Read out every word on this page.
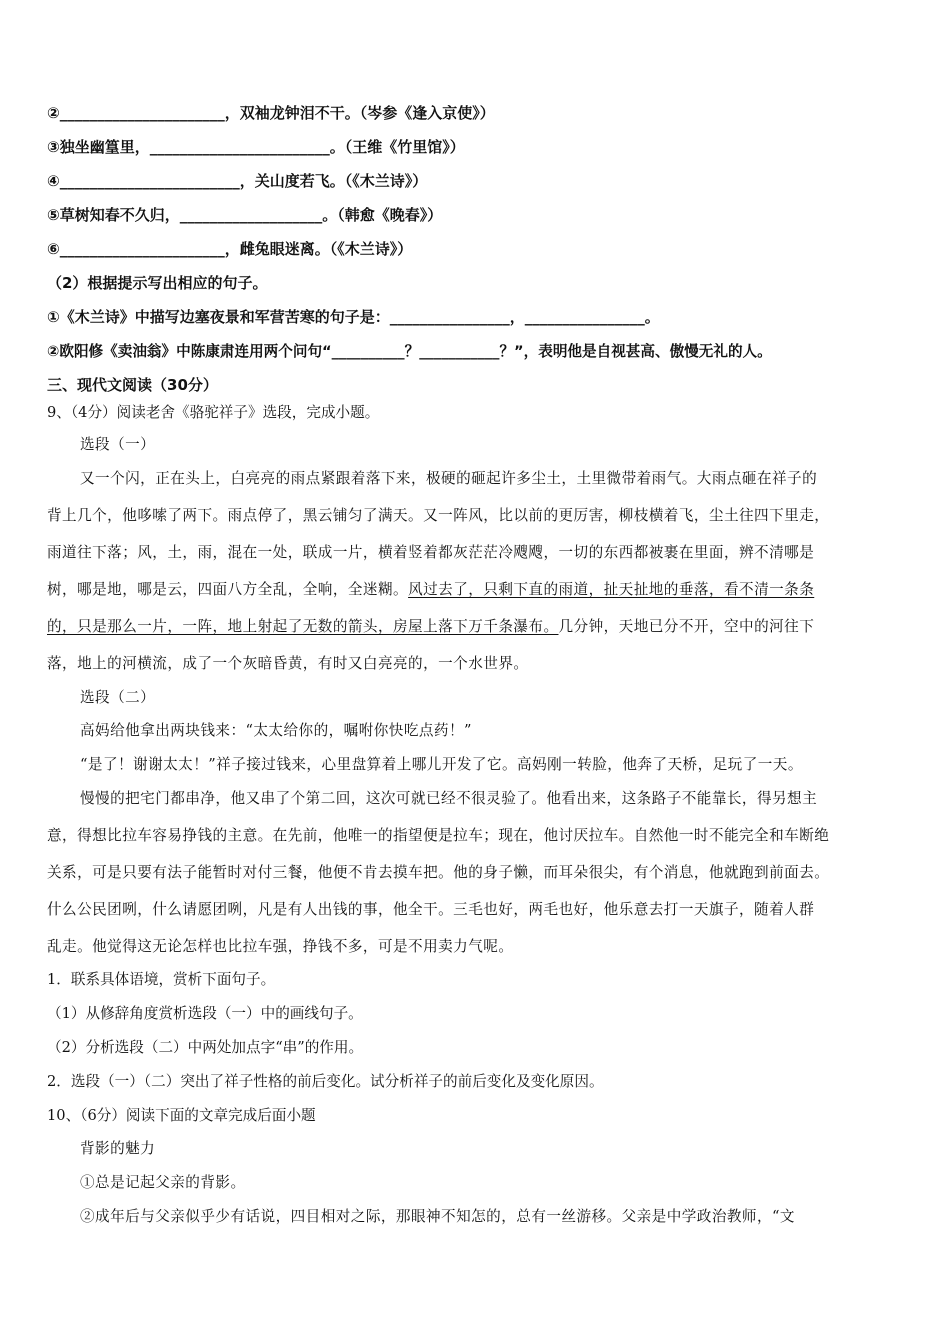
②______________________，双袖龙钟泪不干。（岑参《逢入京使》）
③独坐幽篁里，________________________。（王维《竹里馆》）
④________________________，关山度若飞。（《木兰诗》）
⑤草树知春不久归，___________________。（韩愈《晚春》）
⑥______________________，雌兔眼迷离。（《木兰诗》）
（2）根据提示写出相应的句子。
①《木兰诗》中描写边塞夜景和军营苦寒的句子是：________________，________________。
②欧阳修《卖油翁》中陈康肃连用两个问句“__________？___________？”，表明他是自视甚高、傲慢无礼的人。
三、现代文阅读（30分）
9、（4分）阅读老舍《骆驼祥子》选段，完成小题。
选段（一）
又一个闪，正在头上，白亮亮的雨点紧跟着落下来，极硬的砸起许多尘土，土里微带着雨气。大雨点砸在祥子的
背上几个，他哆嗦了两下。雨点停了，黑云铺匀了满天。又一阵风，比以前的更厉害，柳枝横着飞，尘土往四下里走，
雨道往下落；风，土，雨，混在一处，联成一片，横着竖着都灰茫茫冷飕飕，一切的东西都被裹在里面，辨不清哪是
树，哪是地，哪是云，四面八方全乱，全响，全迷糊。风过去了，只剩下直的雨道，扯天扯地的垂落，看不清一条条
的，只是那么一片，一阵，地上射起了无数的箭头，房屋上落下万千条瀑布。几分钟，天地已分不开，空中的河往下
落，地上的河横流，成了一个灰暗昏黄，有时又白亮亮的，一个水世界。
选段（二）
高妈给他拿出两块钱来：“太太给你的，嘱咐你快吃点药！”
“是了！谢谢太太！”祥子接过钱来，心里盘算着上哪儿开发了它。高妈刚一转脸，他奔了天桥，足玩了一天。
慢慢的把宅门都串净，他又串了个第二回，这次可就已经不很灵验了。他看出来，这条路子不能靠长，得另想主
意，得想比拉车容易挣钱的主意。在先前，他唯一的指望便是拉车；现在，他讨厌拉车。自然他一时不能完全和车断绝
关系，可是只要有法子能暂时对付三餐，他便不肯去摸车把。他的身子懒，而耳朵很尖，有个消息，他就跑到前面去。
什么公民团咧，什么请愿团咧，凡是有人出钱的事，他全干。三毛也好，两毛也好，他乐意去打一天旗子，随着人群
乱走。他觉得这无论怎样也比拉车强，挣钱不多，可是不用卖力气呢。
1．联系具体语境，赏析下面句子。
（1）从修辞角度赏析选段（一）中的画线句子。
（2）分析选段（二）中两处加点字“串”的作用。
2．选段（一）（二）突出了祥子性格的前后变化。试分析祥子的前后变化及变化原因。
10、（6分）阅读下面的文章完成后面小题
背影的魅力
①总是记起父亲的背影。
②成年后与父亲似乎少有话说，四目相对之际，那眼神不知怎的，总有一丝游移。父亲是中学政治教师，“文
